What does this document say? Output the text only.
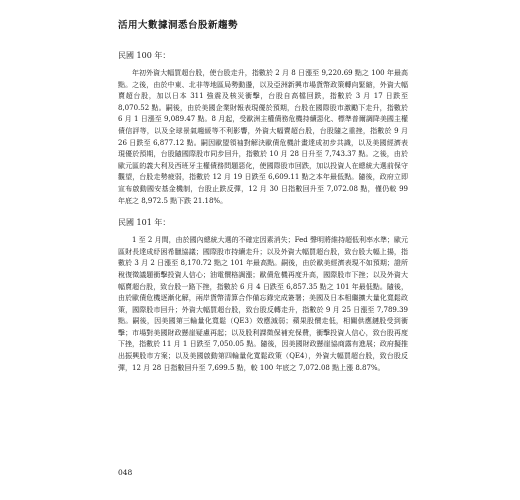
活用大數據洞悉台股新趨勢

民國 100 年：

年初外資大幅買超台股，使台股走升，指數於 2 月 8 日漲至 9,220.69 點之 100 年最高點。之後，由於中東、北非等地區局勢動盪，以及亞洲新興市場貨幣政策轉向緊縮，外資大幅賣超台股，加以日本 311 強震及核災衝擊，台股自高檔回跌，指數於 3 月 17 日跌至 8,070.52 點。嗣後，由於美國企業財報表現優於預期，台股在國際股市激勵下走升，指數於 6 月 1 日漲至 9,089.47 點。8 月起，受歐洲主權債務危機持續惡化、標準普爾調降美國主權債信評等，以及全球景氣趨緩等不利影響，外資大幅賣超台股，台股隨之重挫，指數於 9 月 26 日跌至 6,877.12 點。嗣因歐盟領袖對解決歐債危機計畫達成初步共識，以及美國經濟表現優於預期，台股隨國際股市同步回升，指數於 10 月 28 日升至 7,743.37 點。之後，由於歐元區的義大利及西班牙主權債務問題惡化，使國際股市回跌，加以投資人在總統大選前保守觀望，台股走勢疲弱，指數於 12 月 19 日跌至 6,609.11 點之本年最低點。隨後，政府立即宣布啟動國安基金機制，台股止跌反彈，12 月 30 日指數回升至 7,072.08 點，僅仍較 99 年底之 8,972.5 點下跌 21.18%。

民國 101 年：

1 至 2 月間，由於國內總統大選的不確定因素消失；Fed 聲明將維持超低利率水準；歐元區財長達成紓困希臘協議；國際股市持續走升；以及外資大幅買超台股，致台股大幅上揚，指數於 3 月 2 日漲至 8,170.72 點之 101 年最高點。嗣後，由於歐美經濟表現不如預期；證所稅復徵議題衝擊投資人信心；油電價格調漲；歐債危機再度升高，國際股市下挫；以及外資大幅賣超台股，致台股一路下挫，指數於 6 月 4 日跌至 6,857.35 點之 101 年最低點。隨後，由於歐債危機逐漸化解，兩岸貨幣清算合作備忘錄完成簽署；美國及日本相繼擴大量化寬鬆政策，國際股市回升；外資大幅買超台股，致台股反轉走升，指數於 9 月 25 日漲至 7,789.39 點。嗣後，因美國第三輪量化寬鬆（QE3）效應減弱；蘋果股價走低，相關供應鏈股受到衝擊；市場對美國財政懸崖疑慮再起；以及股利課徵保補充保費，衝擊投資人信心，致台股再度下挫，指數於 11 月 1 日跌至 7,050.05 點。隨後，因美國財政懸崖協商露有進展；政府擬推出振興股市方案；以及美國啟動第四輪量化寬鬆政策（QE4），外資大幅買超台股，致台股反彈，12 月 28 日指數回升至 7,699.5 點，較 100 年底之 7,072.08 點上漲 8.87%。

048
